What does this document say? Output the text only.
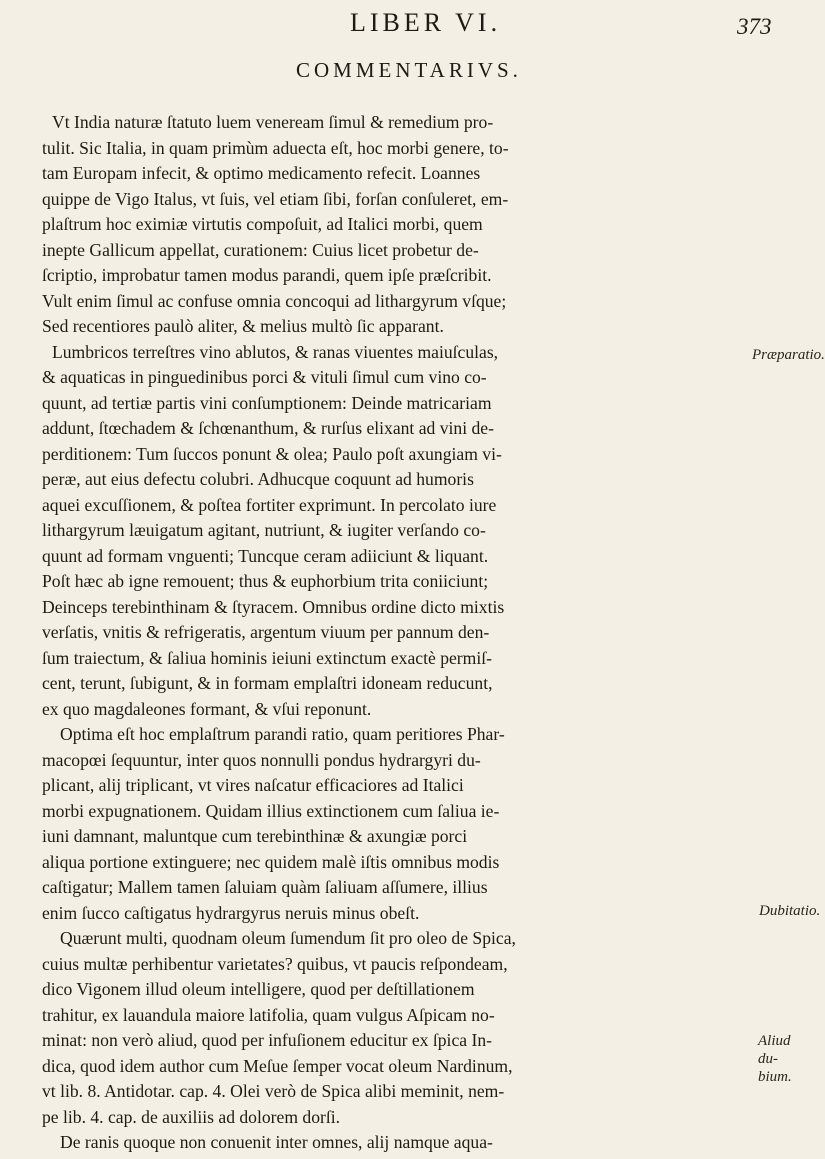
LIBER VI.	373
COMMENTARIVS.
Vt India naturæ ſtatuto luem veneream ſimul & remedium pro-
tulit. Sic Italia, in quam primùm aduecta eſt, hoc morbi genere, to-
tam Europam infecit, & optimo medicamento refecit. Loannes
quippe de Vigo Italus, vt ſuis, vel etiam ſibi, forſan conſuleret, em-
plaſtrum hoc eximiæ virtutis compoſuit, ad Italici morbi, quem
inepte Gallicum appellat, curationem: Cuius licet probetur de-
ſcriptio, improbatur tamen modus parandi, quem ipſe præſcribit.
Vult enim ſimul ac confuse omnia concoqui ad lithargyrum vſque;
Sed recentiores paulò aliter, & melius multò ſic apparant.
Lumbricos terreſtres vino ablutos, & ranas viuentes maiuſculas,
& aquaticas in pinguedinibus porci & vituli ſimul cum vino co-
quunt, ad tertiæ partis vini conſumptionem: Deinde matricariam
addunt, ſtœchadem & ſchœnanthum, & rurſus elixant ad vini de-
perditionem: Tum ſuccos ponunt & olea; Paulo poſt axungiam vi-
peræ, aut eius defectu colubri. Adhucque coquunt ad humoris
aquei excuſſionem, & poſtea fortiter exprimunt. In percolato iure
lithargyrum læuigatum agitant, nutriunt, & iugiter verſando co-
quunt ad formam vnguenti; Tuncque ceram adiiciunt & liquant.
Poſt hæc ab igne remouent; thus & euphorbium trita coniiciunt;
Deinceps terebinthinam & ſtyracem. Omnibus ordine dicto mixtis
verſatis, vnitis & refrigeratis, argentum viuum per pannum den-
ſum traiectum, & ſaliua hominis ieiuni extinctum exactè permiſ-
cent, terunt, ſubigunt, & in formam emplaſtri idoneam reducunt,
ex quo magdaleones formant, & vſui reponunt.
Optima eſt hoc emplaſtrum parandi ratio, quam peritiores Phar-
macopœi ſequuntur, inter quos nonnulli pondus hydrargyri du-
plicant, alij triplicant, vt vires naſcatur efficaciores ad Italici
morbi expugnationem. Quidam illius extinctionem cum ſaliua ie-
iuni damnant, maluntque cum terebinthinæ & axungiæ porci
aliqua portione extinguere; nec quidem malè iſtis omnibus modis
caſtigatur; Mallem tamen ſaluiam quàm ſaliuam aſſumere, illius
enim ſucco caſtigatus hydrargyrus neruis minus obeſt.
Quærunt multi, quodnam oleum ſumendum ſit pro oleo de Spica,
cuius multæ perhibentur varietates? quibus, vt paucis reſpondeam,
dico Vigonem illud oleum intelligere, quod per deſtillationem
trahitur, ex lauandula maiore latifolia, quam vulgus Aſpicam no-
minat: non verò aliud, quod per infuſionem educitur ex ſpica In-
dica, quod idem author cum Meſue ſemper vocat oleum Nardinum,
vt lib. 8. Antidotar. cap. 4. Olei verò de Spica alibi meminit, nem-
pe lib. 4. cap. de auxiliis ad dolorem dorſi.
De ranis quoque non conuenit inter omnes, alij namque aqua-
Præparatio.
Dubitatio.
Aliud du- bium.
